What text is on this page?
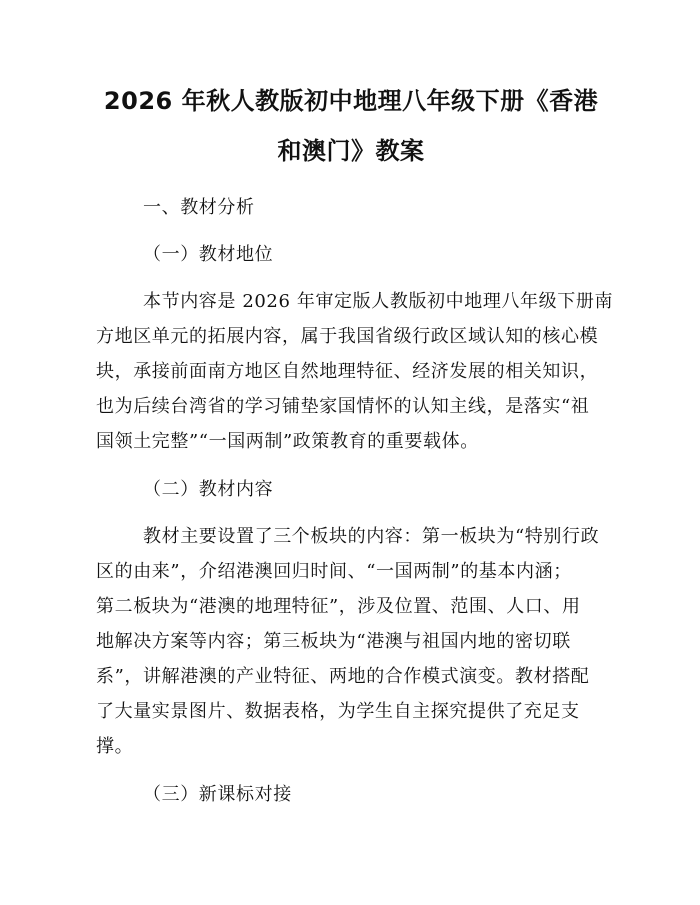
2026 年秋人教版初中地理八年级下册《香港
和澳门》教案
一、教材分析
（一）教材地位
本节内容是 2026 年审定版人教版初中地理八年级下册南
方地区单元的拓展内容，属于我国省级行政区域认知的核心模
块，承接前面南方地区自然地理特征、经济发展的相关知识，
也为后续台湾省的学习铺垫家国情怀的认知主线，是落实“祖
国领土完整”“一国两制”政策教育的重要载体。
（二）教材内容
教材主要设置了三个板块的内容：第一板块为“特别行政
区的由来”，介绍港澳回归时间、“一国两制”的基本内涵；
第二板块为“港澳的地理特征”，涉及位置、范围、人口、用
地解决方案等内容；第三板块为“港澳与祖国内地的密切联
系”，讲解港澳的产业特征、两地的合作模式演变。教材搭配
了大量实景图片、数据表格，为学生自主探究提供了充足支
撑。
（三）新课标对接
